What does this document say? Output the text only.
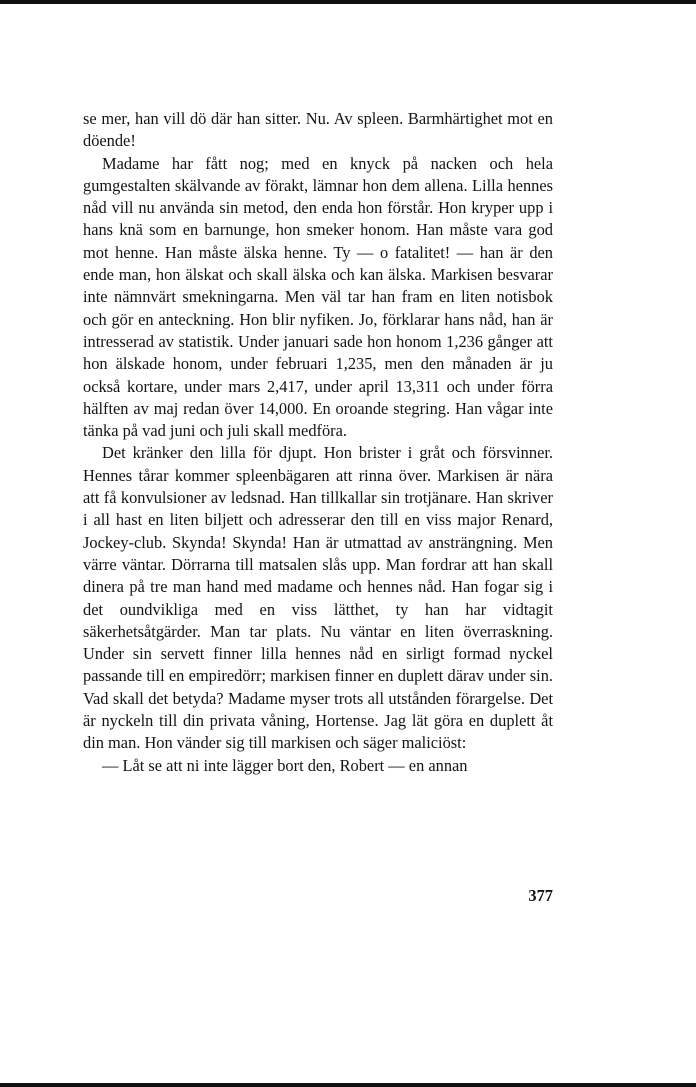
se mer, han vill dö där han sitter. Nu. Av spleen. Barmhärtighet mot en döende!

Madame har fått nog; med en knyck på nacken och hela gumgestalten skälvande av förakt, lämnar hon dem allena. Lilla hennes nåd vill nu använda sin metod, den enda hon förstår. Hon kryper upp i hans knä som en barnunge, hon smeker honom. Han måste vara god mot henne. Han måste älska henne. Ty — o fatalitet! — han är den ende man, hon älskat och skall älska och kan älska. Markisen besvarar inte nämnvärt smekningarna. Men väl tar han fram en liten notisbok och gör en anteckning. Hon blir nyfiken. Jo, förklarar hans nåd, han är intresserad av statistik. Under januari sade hon honom 1,236 gånger att hon älskade honom, under februari 1,235, men den månaden är ju också kortare, under mars 2,417, under april 13,311 och under förra hälften av maj redan över 14,000. En oroande stegring. Han vågar inte tänka på vad juni och juli skall medföra.

Det kränker den lilla för djupt. Hon brister i gråt och försvinner. Hennes tårar kommer spleenbägaren att rinna över. Markisen är nära att få konvulsioner av ledsnad. Han tillkallar sin trotjänare. Han skriver i all hast en liten biljett och adresserar den till en viss major Renard, Jockey-club. Skynda! Skynda! Han är utmattad av ansträngning. Men värre väntar. Dörrarna till matsalen slås upp. Man fordrar att han skall dinera på tre man hand med madame och hennes nåd. Han fogar sig i det oundvikliga med en viss lätthet, ty han har vidtagit säkerhetsåtgärder. Man tar plats. Nu väntar en liten överraskning. Under sin servett finner lilla hennes nåd en sirligt formad nyckel passande till en empiredörr; markisen finner en duplett därav under sin. Vad skall det betyda? Madame myser trots all utstånden förargelse. Det är nyckeln till din privata våning, Hortense. Jag lät göra en duplett åt din man. Hon vänder sig till markisen och säger maliciöst:

— Låt se att ni inte lägger bort den, Robert — en annan

377
